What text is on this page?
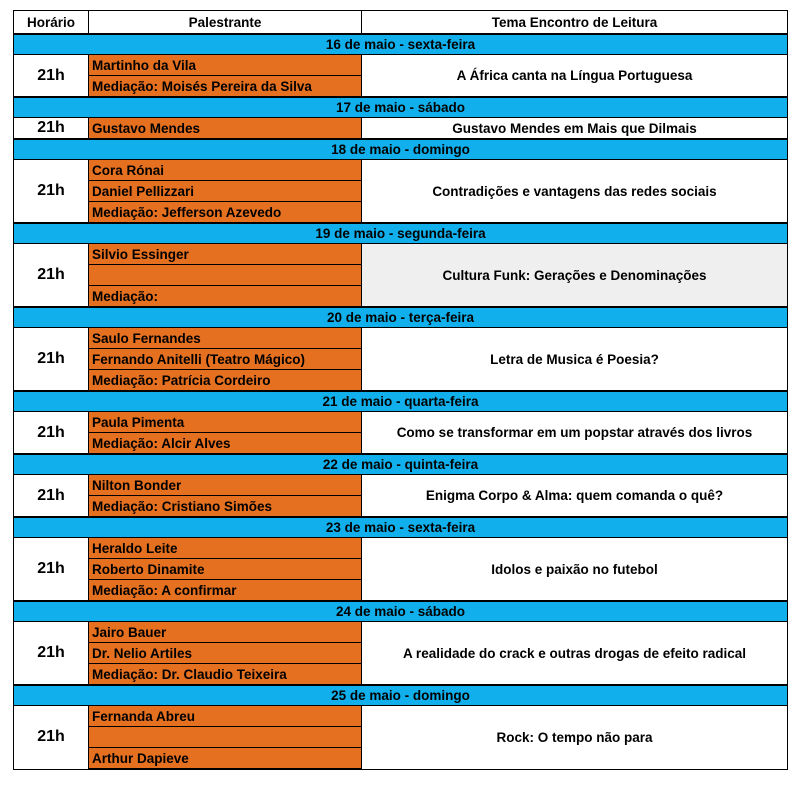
Horário	Palestrante	Tema Encontro de Leitura
16 de maio - sexta-feira		
21h	Martinho da Vila	A África canta na Língua Portuguesa
	Mediação: Moisés Pereira da Silva	
17 de maio - sábado		
21h	Gustavo Mendes	Gustavo Mendes em Mais que Dilmais
18 de maio - domingo		
21h	Cora Rónai	Contradições e vantagens das redes sociais
	Daniel Pellizzari	
	Mediação: Jefferson Azevedo	
19 de maio - segunda-feira		
21h	Silvio Essinger	Cultura Funk: Gerações e Denominações

	Mediação:	
20 de maio - terça-feira		
21h	Saulo Fernandes	Letra de Musica é Poesia?
	Fernando Anitelli (Teatro Mágico)	
	Mediação: Patrícia Cordeiro	
21 de maio - quarta-feira		
21h	Paula Pimenta	Como se transformar em um popstar através dos livros
	Mediação: Alcir Alves	
22 de maio - quinta-feira		
21h	Nilton Bonder	Enigma Corpo & Alma: quem comanda o quê?
	Mediação: Cristiano Simões	
23 de maio - sexta-feira		
21h	Heraldo Leite	Idolos e paixão no futebol
	Roberto Dinamite	
	Mediação: A confirmar	
24 de maio - sábado		
21h	Jairo Bauer	A realidade do crack e outras drogas de efeito radical
	Dr. Nelio Artiles	
	Mediação: Dr. Claudio Teixeira	
25 de maio - domingo		
21h	Fernanda Abreu	Rock: O tempo não para

	Arthur Dapieve	
